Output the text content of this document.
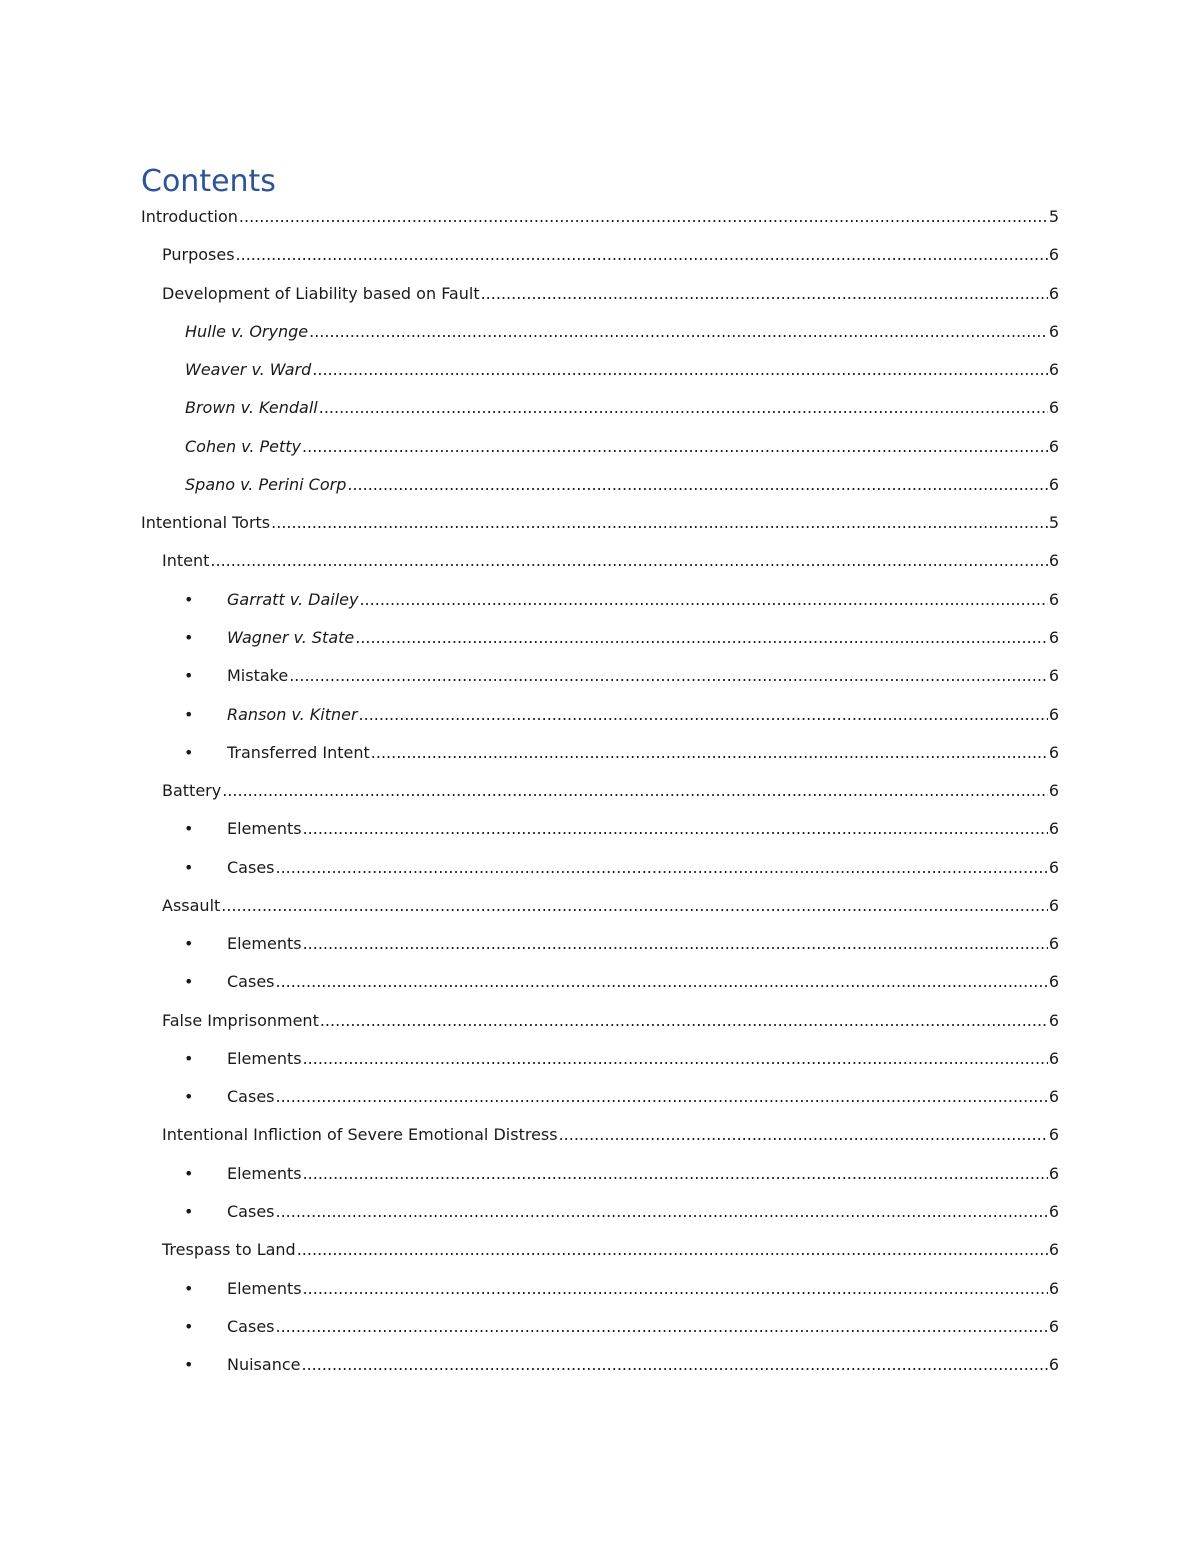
Contents
Introduction .....	5
Purposes .....	6
Development of Liability based on Fault .....	6
Hulle v. Orynge .....	6
Weaver v. Ward .....	6
Brown v. Kendall .....	6
Cohen v. Petty .....	6
Spano v. Perini Corp .....	6
Intentional Torts .....	5
Intent .....	6
• Garratt v. Dailey .....	6
• Wagner v. State .....	6
• Mistake .....	6
• Ranson v. Kitner .....	6
• Transferred Intent .....	6
Battery .....	6
• Elements .....	6
• Cases .....	6
Assault .....	6
• Elements .....	6
• Cases .....	6
False Imprisonment .....	6
• Elements .....	6
• Cases .....	6
Intentional Infliction of Severe Emotional Distress .....	6
• Elements .....	6
• Cases .....	6
Trespass to Land .....	6
• Elements .....	6
• Cases .....	6
• Nuisance .....	6
